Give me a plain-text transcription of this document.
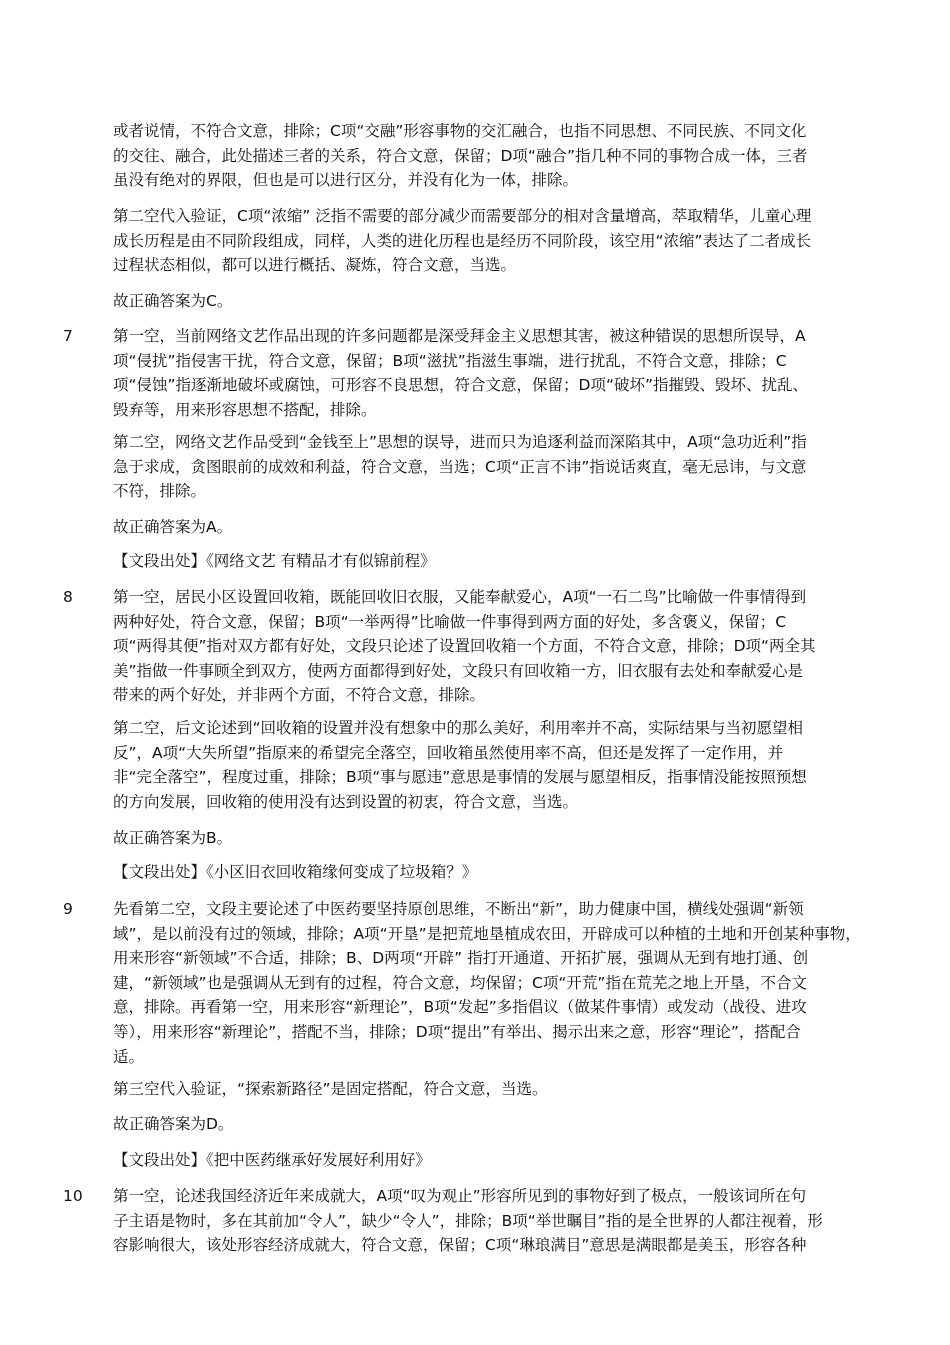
或者说情，不符合文意，排除；C项“交融”形容事物的交汇融合，也指不同思想、不同民族、不同文化
的交往、融合，此处描述三者的关系，符合文意，保留；D项“融合”指几种不同的事物合成一体，三者
虽没有绝对的界限，但也是可以进行区分，并没有化为一体，排除。

第二空代入验证，C项“浓缩” 泛指不需要的部分减少而需要部分的相对含量增高，萃取精华，儿童心理
成长历程是由不同阶段组成，同样，人类的进化历程也是经历不同阶段，该空用“浓缩”表达了二者成长
过程状态相似，都可以进行概括、凝炼，符合文意，当选。

故正确答案为C。

7	第一空，当前网络文艺作品出现的许多问题都是深受拜金主义思想其害，被这种错误的思想所误导，A
项“侵扰”指侵害干扰，符合文意，保留；B项“滋扰”指滋生事端，进行扰乱，不符合文意，排除；C
项“侵蚀”指逐渐地破坏或腐蚀，可形容不良思想，符合文意，保留；D项“破坏”指摧毁、毁坏、扰乱、
毁弃等，用来形容思想不搭配，排除。

第二空，网络文艺作品受到“金钱至上”思想的误导，进而只为追逐利益而深陷其中，A项“急功近利”指
急于求成，贪图眼前的成效和利益，符合文意，当选；C项“正言不讳”指说话爽直，毫无忌讳，与文意
不符，排除。

故正确答案为A。

【文段出处】《网络文艺 有精品才有似锦前程》

8	第一空，居民小区设置回收箱，既能回收旧衣服，又能奉献爱心，A项“一石二鸟”比喻做一件事情得到
两种好处，符合文意，保留；B项“一举两得”比喻做一件事得到两方面的好处，多含褒义，保留；C
项“两得其便”指对双方都有好处，文段只论述了设置回收箱一个方面，不符合文意，排除；D项“两全其
美”指做一件事顾全到双方，使两方面都得到好处，文段只有回收箱一方，旧衣服有去处和奉献爱心是
带来的两个好处，并非两个方面，不符合文意，排除。

第二空，后文论述到“回收箱的设置并没有想象中的那么美好，利用率并不高，实际结果与当初愿望相
反”，A项“大失所望”指原来的希望完全落空，回收箱虽然使用率不高，但还是发挥了一定作用，并
非“完全落空”，程度过重，排除；B项“事与愿违”意思是事情的发展与愿望相反，指事情没能按照预想
的方向发展，回收箱的使用没有达到设置的初衷，符合文意，当选。

故正确答案为B。

【文段出处】《小区旧衣回收箱缘何变成了垃圾箱？》

9	先看第二空，文段主要论述了中医药要坚持原创思维，不断出“新”，助力健康中国，横线处强调“新领
域”，是以前没有过的领域，排除；A项“开垦”是把荒地垦植成农田，开辟成可以种植的土地和开创某种事物，
用来形容“新领域”不合适，排除；B、D两项“开辟” 指打开通道、开拓扩展，强调从无到有地打通、创
建，“新领域”也是强调从无到有的过程，符合文意，均保留；C项“开荒”指在荒芜之地上开垦，不合文
意，排除。再看第一空，用来形容“新理论”，B项“发起”多指倡议（做某件事情）或发动（战役、进攻
等），用来形容“新理论”，搭配不当，排除；D项“提出”有举出、揭示出来之意，形容“理论”，搭配合
适。

第三空代入验证，“探索新路径”是固定搭配，符合文意，当选。

故正确答案为D。

【文段出处】《把中医药继承好发展好利用好》

10 第一空，论述我国经济近年来成就大，A项“叹为观止”形容所见到的事物好到了极点，一般该词所在句
子主语是物时，多在其前加“令人”，缺少“令人”，排除；B项“举世瞩目”指的是全世界的人都注视着，形
容影响很大，该处形容经济成就大，符合文意，保留；C项“琳琅满目”意思是满眼都是美玉，形容各种
